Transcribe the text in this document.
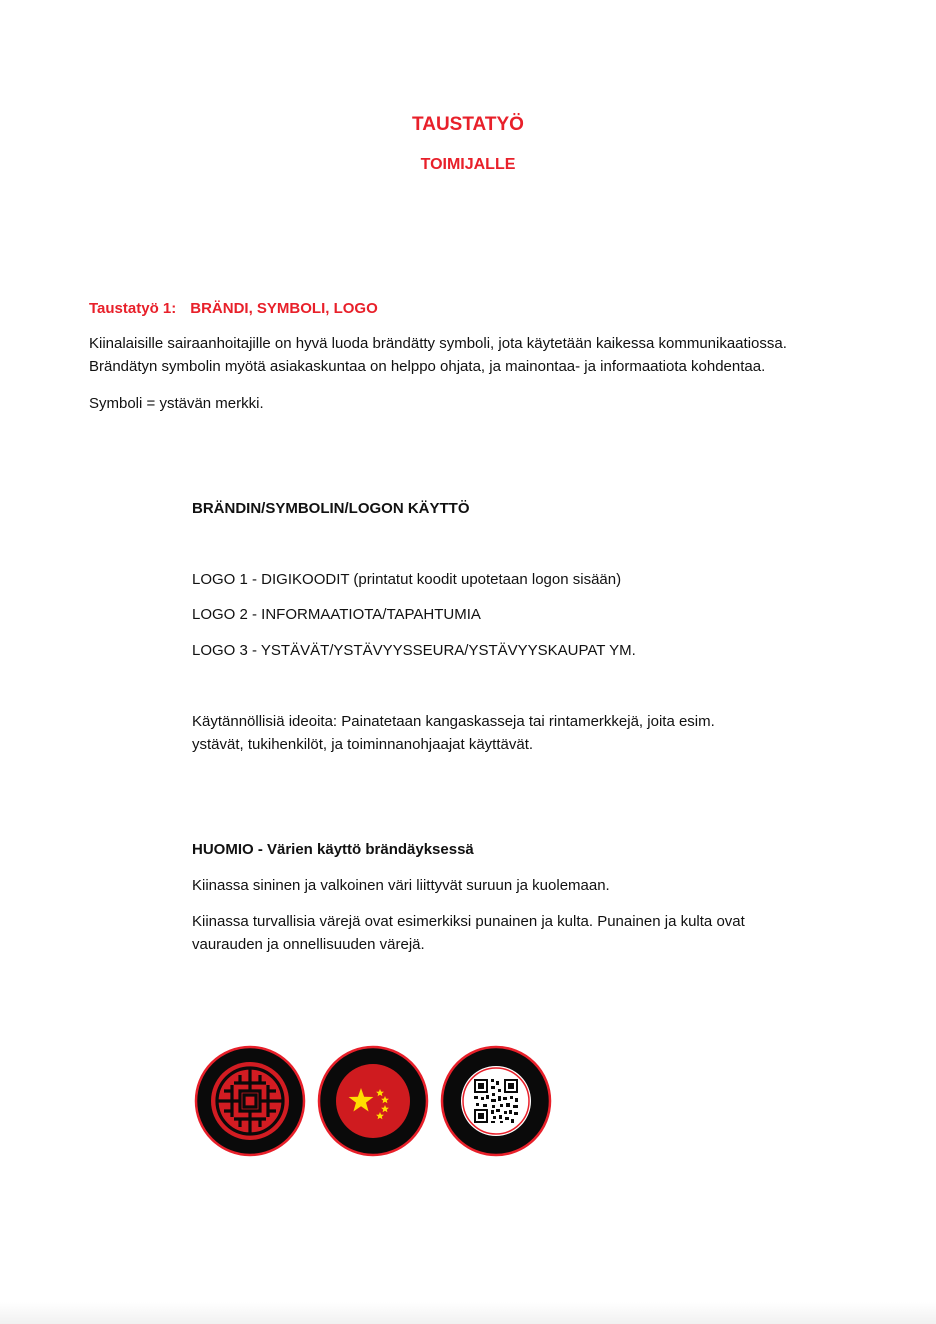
TAUSTATYÖ
TOIMIJALLE
Taustatyö 1: BRÄNDI, SYMBOLI, LOGO
Kiinalaisille sairaanhoitajille on hyvä luoda brändätty symboli, jota käytetään kaikessa kommunikaatiossa.
Brändätyn symbolin myötä asiakaskuntaa on helppo ohjata, ja mainontaa- ja informaatiota kohdentaa.
Symboli = ystävän merkki.
BRÄNDIN/SYMBOLIN/LOGON KÄYTTÖ
LOGO 1 - DIGIKOODIT (printatut koodit upotetaan logon sisään)
LOGO 2 - INFORMAATIOTA/TAPAHTUMIA
LOGO 3 - YSTÄVÄT/YSTÄVYYSSEURA/YSTÄVYYSKAUPAT YM.
Käytännöllisiä ideoita: Painatetaan kangaskasseja tai rintamerkkejä, joita esim.
ystävät, tukihenkilöt, ja toiminnanohjaajat käyttävät.
HUOMIO - Värien käyttö brändäyksessä
Kiinassa sininen ja valkoinen väri liittyvät suruun ja kuolemaan.
Kiinassa turvallisia värejä ovat esimerkiksi punainen ja kulta. Punainen ja kulta ovat
vaurauden ja onnellisuuden värejä.
